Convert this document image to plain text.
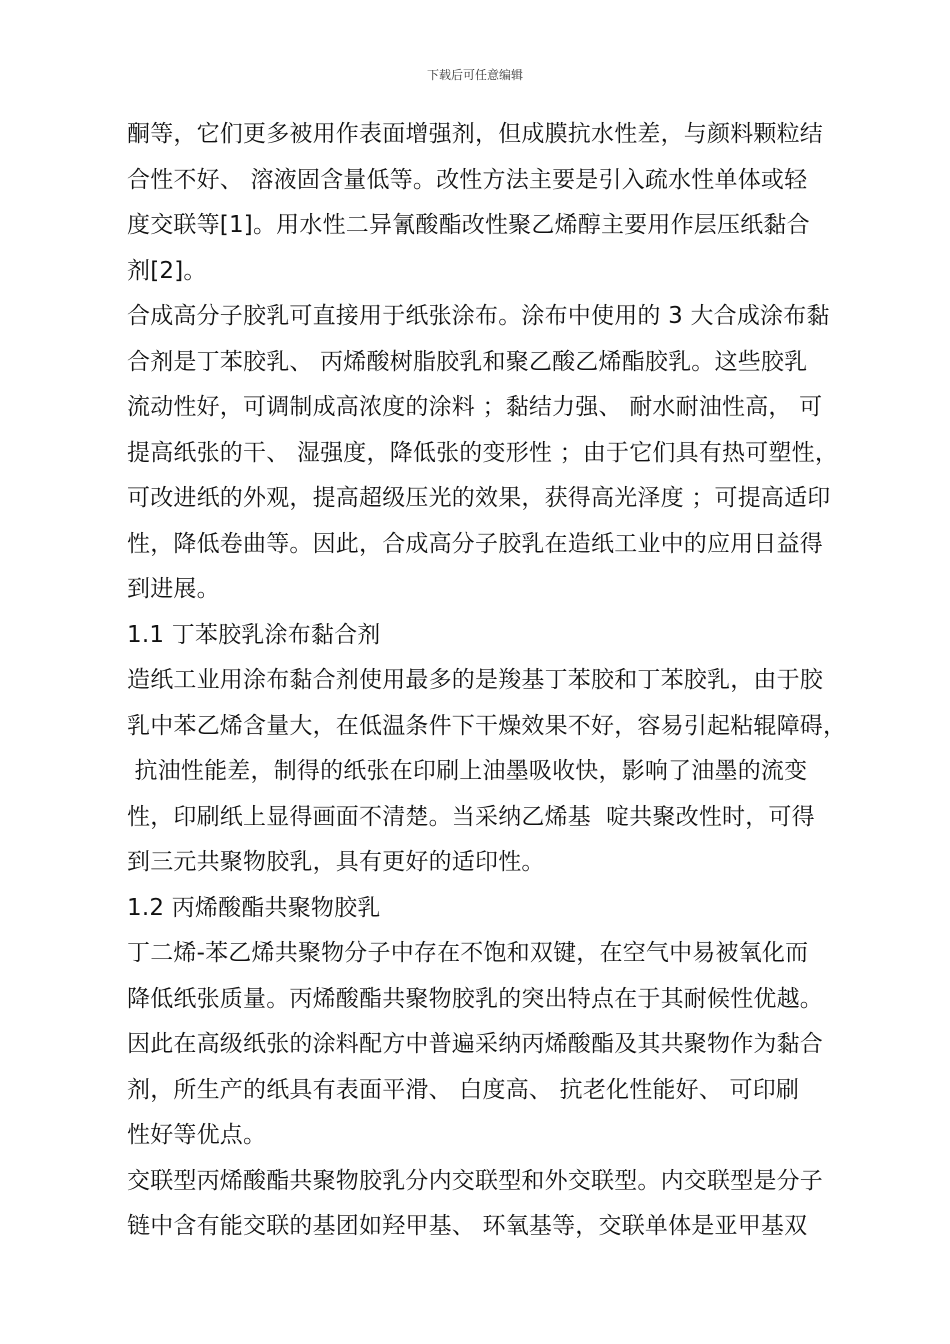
下载后可任意编辑
酮等，它们更多被用作表面增强剂，但成膜抗水性差，与颜料颗粒结
合性不好、 溶液固含量低等。改性方法主要是引入疏水性单体或轻
度交联等[1]。用水性二异氰酸酯改性聚乙烯醇主要用作层压纸黏合
剂[2]。
合成高分子胶乳可直接用于纸张涂布。涂布中使用的 3 大合成涂布黏
合剂是丁苯胶乳、 丙烯酸树脂胶乳和聚乙酸乙烯酯胶乳。这些胶乳
流动性好，可调制成高浓度的涂料 ；黏结力强、 耐水耐油性高， 可
提高纸张的干、 湿强度，降低张的变形性 ；由于它们具有热可塑性，
可改进纸的外观，提高超级压光的效果，获得高光泽度 ；可提高适印
性，降低卷曲等。因此，合成高分子胶乳在造纸工业中的应用日益得
到进展。
1.1 丁苯胶乳涂布黏合剂
造纸工业用涂布黏合剂使用最多的是羧基丁苯胶和丁苯胶乳，由于胶
乳中苯乙烯含量大，在低温条件下干燥效果不好，容易引起粘辊障碍，
抗油性能差，制得的纸张在印刷上油墨吸收快，影响了油墨的流变
性，印刷纸上显得画面不清楚。当采纳乙烯基  啶共聚改性时，可得
到三元共聚物胶乳，具有更好的适印性。
1.2 丙烯酸酯共聚物胶乳
丁二烯-苯乙烯共聚物分子中存在不饱和双键，在空气中易被氧化而
降低纸张质量。丙烯酸酯共聚物胶乳的突出特点在于其耐候性优越。
因此在高级纸张的涂料配方中普遍采纳丙烯酸酯及其共聚物作为黏合
剂，所生产的纸具有表面平滑、 白度高、 抗老化性能好、 可印刷
性好等优点。
交联型丙烯酸酯共聚物胶乳分内交联型和外交联型。内交联型是分子
链中含有能交联的基团如羟甲基、 环氧基等，交联单体是亚甲基双
